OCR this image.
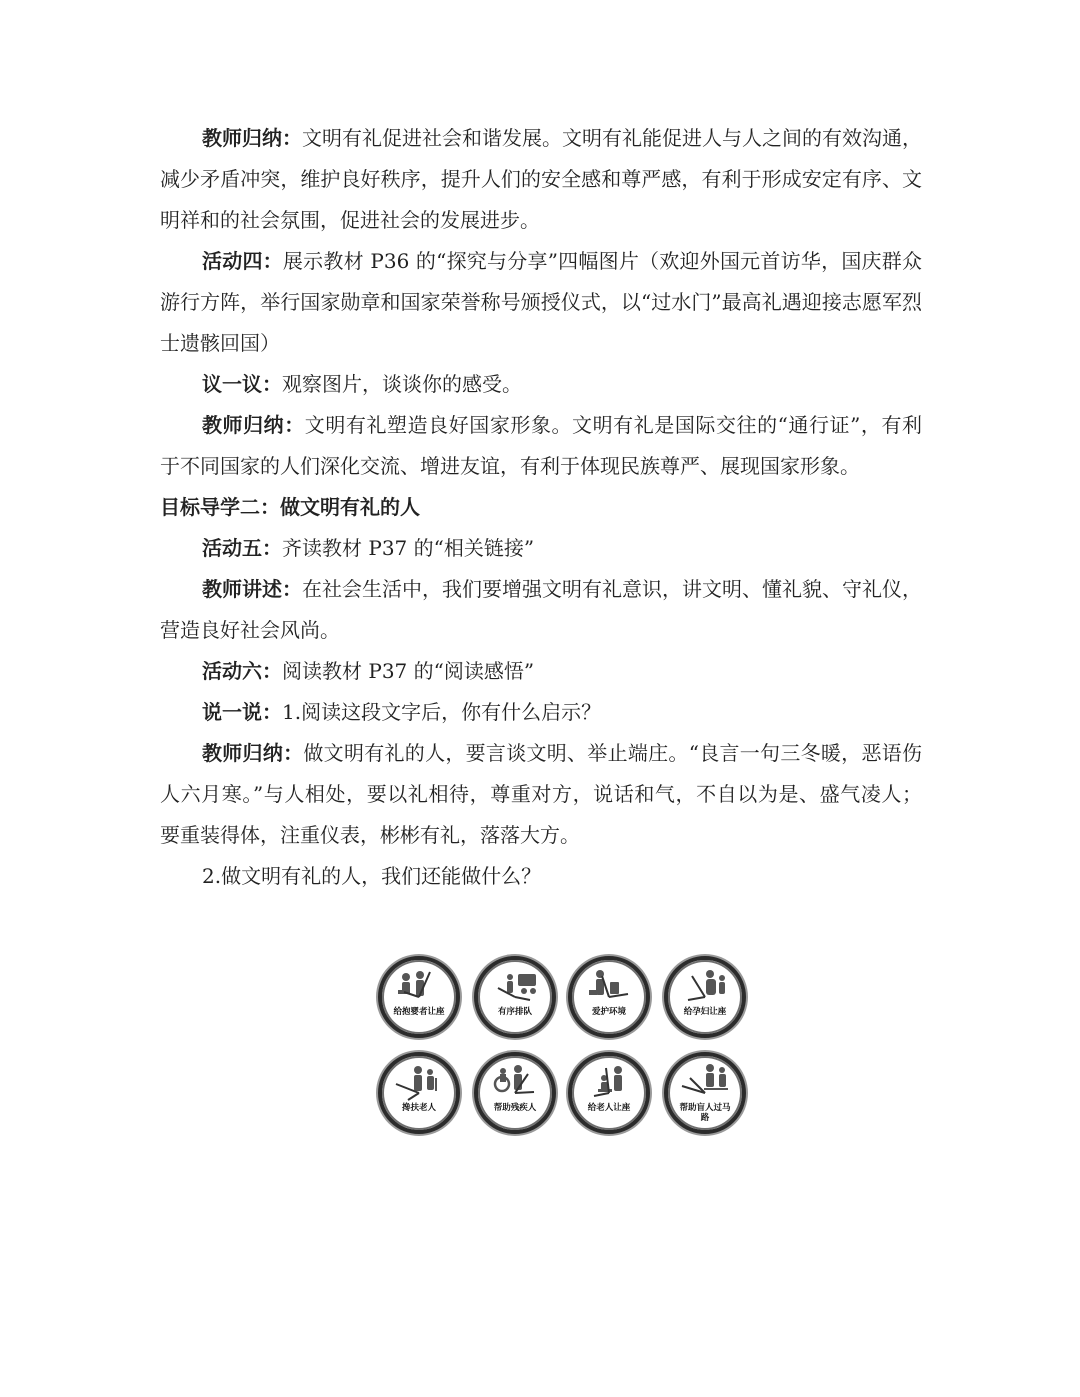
教师归纳：文明有礼促进社会和谐发展。文明有礼能促进人与人之间的有效沟通，减少矛盾冲突，维护良好秩序，提升人们的安全感和尊严感，有利于形成安定有序、文明祥和的社会氛围，促进社会的发展进步。

活动四：展示教材 P36 的“探究与分享”四幅图片（欢迎外国元首访华，国庆群众游行方阵，举行国家勋章和国家荣誉称号颁授仪式，以“过水门”最高礼遇迎接志愿军烈士遗骸回国）

议一议：观察图片，谈谈你的感受。

教师归纳：文明有礼塑造良好国家形象。文明有礼是国际交往的“通行证”，有利于不同国家的人们深化交流、增进友谊，有利于体现民族尊严、展现国家形象。

目标导学二：做文明有礼的人

活动五：齐读教材 P37 的“相关链接”

教师讲述：在社会生活中，我们要增强文明有礼意识，讲文明、懂礼貌、守礼仪，营造良好社会风尚。

活动六：阅读教材 P37 的“阅读感悟”

说一说：1.阅读这段文字后，你有什么启示？

教师归纳：做文明有礼的人，要言谈文明、举止端庄。“良言一句三冬暖，恶语伤人六月寒。”与人相处，要以礼相待，尊重对方，说话和气，不自以为是、盛气凌人； 要重装得体，注重仪表，彬彬有礼，落落大方。

2.做文明有礼的人，我们还能做什么？

给抱婴者让座	有序排队	爱护环境	给孕妇让座
搀扶老人	帮助残疾人	给老人让座	帮助盲人过马路
